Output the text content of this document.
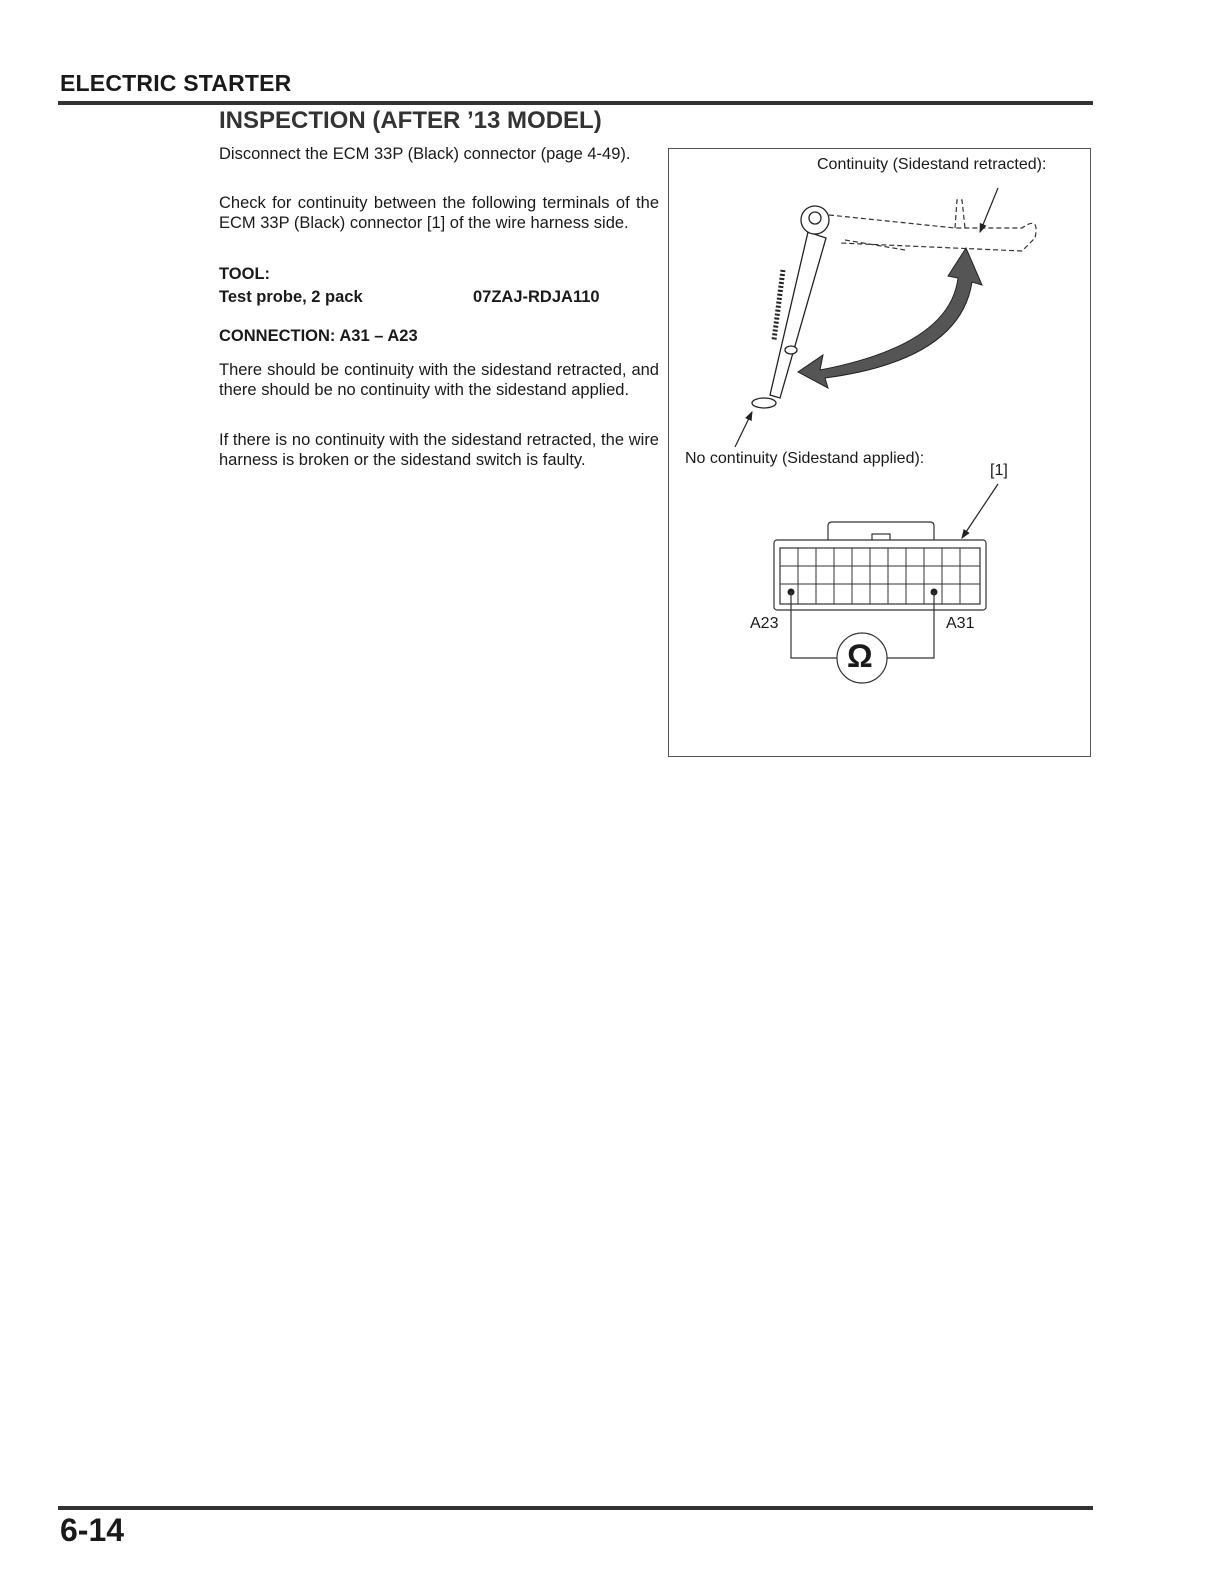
ELECTRIC STARTER
INSPECTION (AFTER ’13 MODEL)
Disconnect the ECM 33P (Black) connector (page 4-49).
Check for continuity between the following terminals of the ECM 33P (Black) connector [1] of the wire harness side.
TOOL:
Test probe, 2 pack	07ZAJ-RDJA110
CONNECTION: A31 – A23
There should be continuity with the sidestand retracted, and there should be no continuity with the sidestand applied.
If there is no continuity with the sidestand retracted, the wire harness is broken or the sidestand switch is faulty.
Continuity (Sidestand retracted):
No continuity (Sidestand applied):
[1]
A23	A31
Ω
6-14
